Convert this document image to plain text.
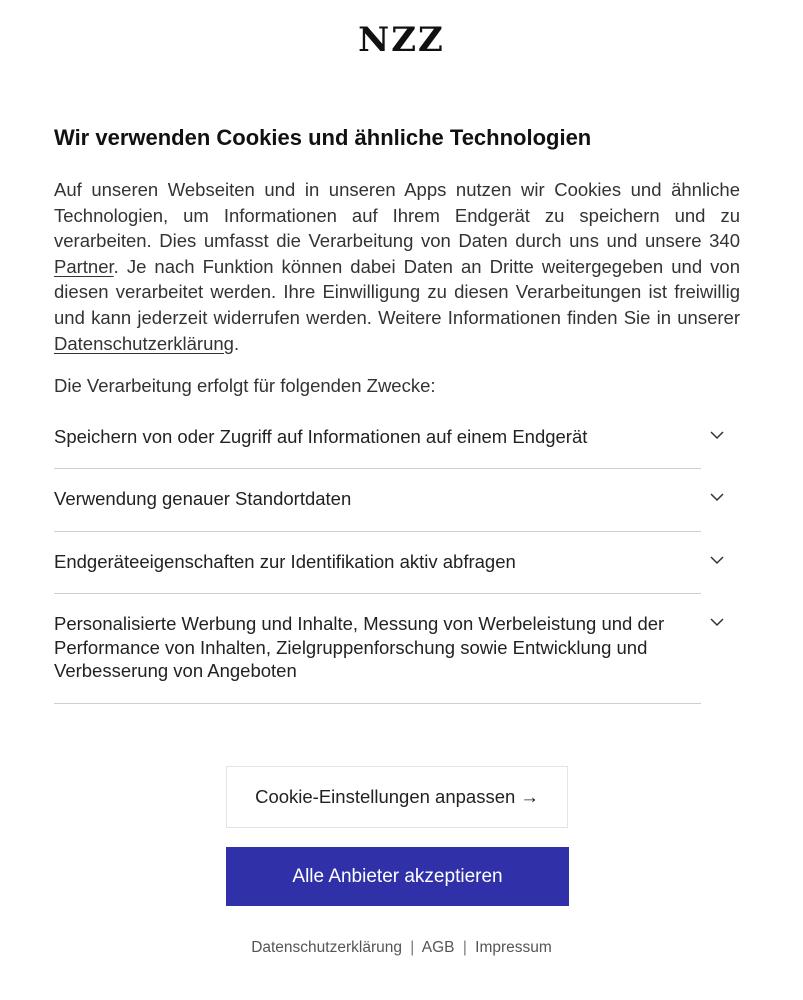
NZZ
Wir verwenden Cookies und ähnliche Technologien
Auf unseren Webseiten und in unseren Apps nutzen wir Cookies und ähnliche Technologien, um Informationen auf Ihrem Endgerät zu speichern und zu verarbeiten. Dies umfasst die Verarbeitung von Daten durch uns und unsere 340 Partner. Je nach Funktion können dabei Daten an Dritte weitergegeben und von diesen verarbeitet werden. Ihre Einwilligung zu diesen Verarbeitungen ist freiwillig und kann jederzeit widerrufen werden. Weitere Informationen finden Sie in unserer Datenschutzerklärung.
Die Verarbeitung erfolgt für folgenden Zwecke:
Speichern von oder Zugriff auf Informationen auf einem Endgerät
Verwendung genauer Standortdaten
Endgeräteeigenschaften zur Identifikation aktiv abfragen
Personalisierte Werbung und Inhalte, Messung von Werbeleistung und der Performance von Inhalten, Zielgruppenforschung sowie Entwicklung und Verbesserung von Angeboten
Cookie-Einstellungen anpassen →
Alle Anbieter akzeptieren
Datenschutzerklärung | AGB | Impressum
